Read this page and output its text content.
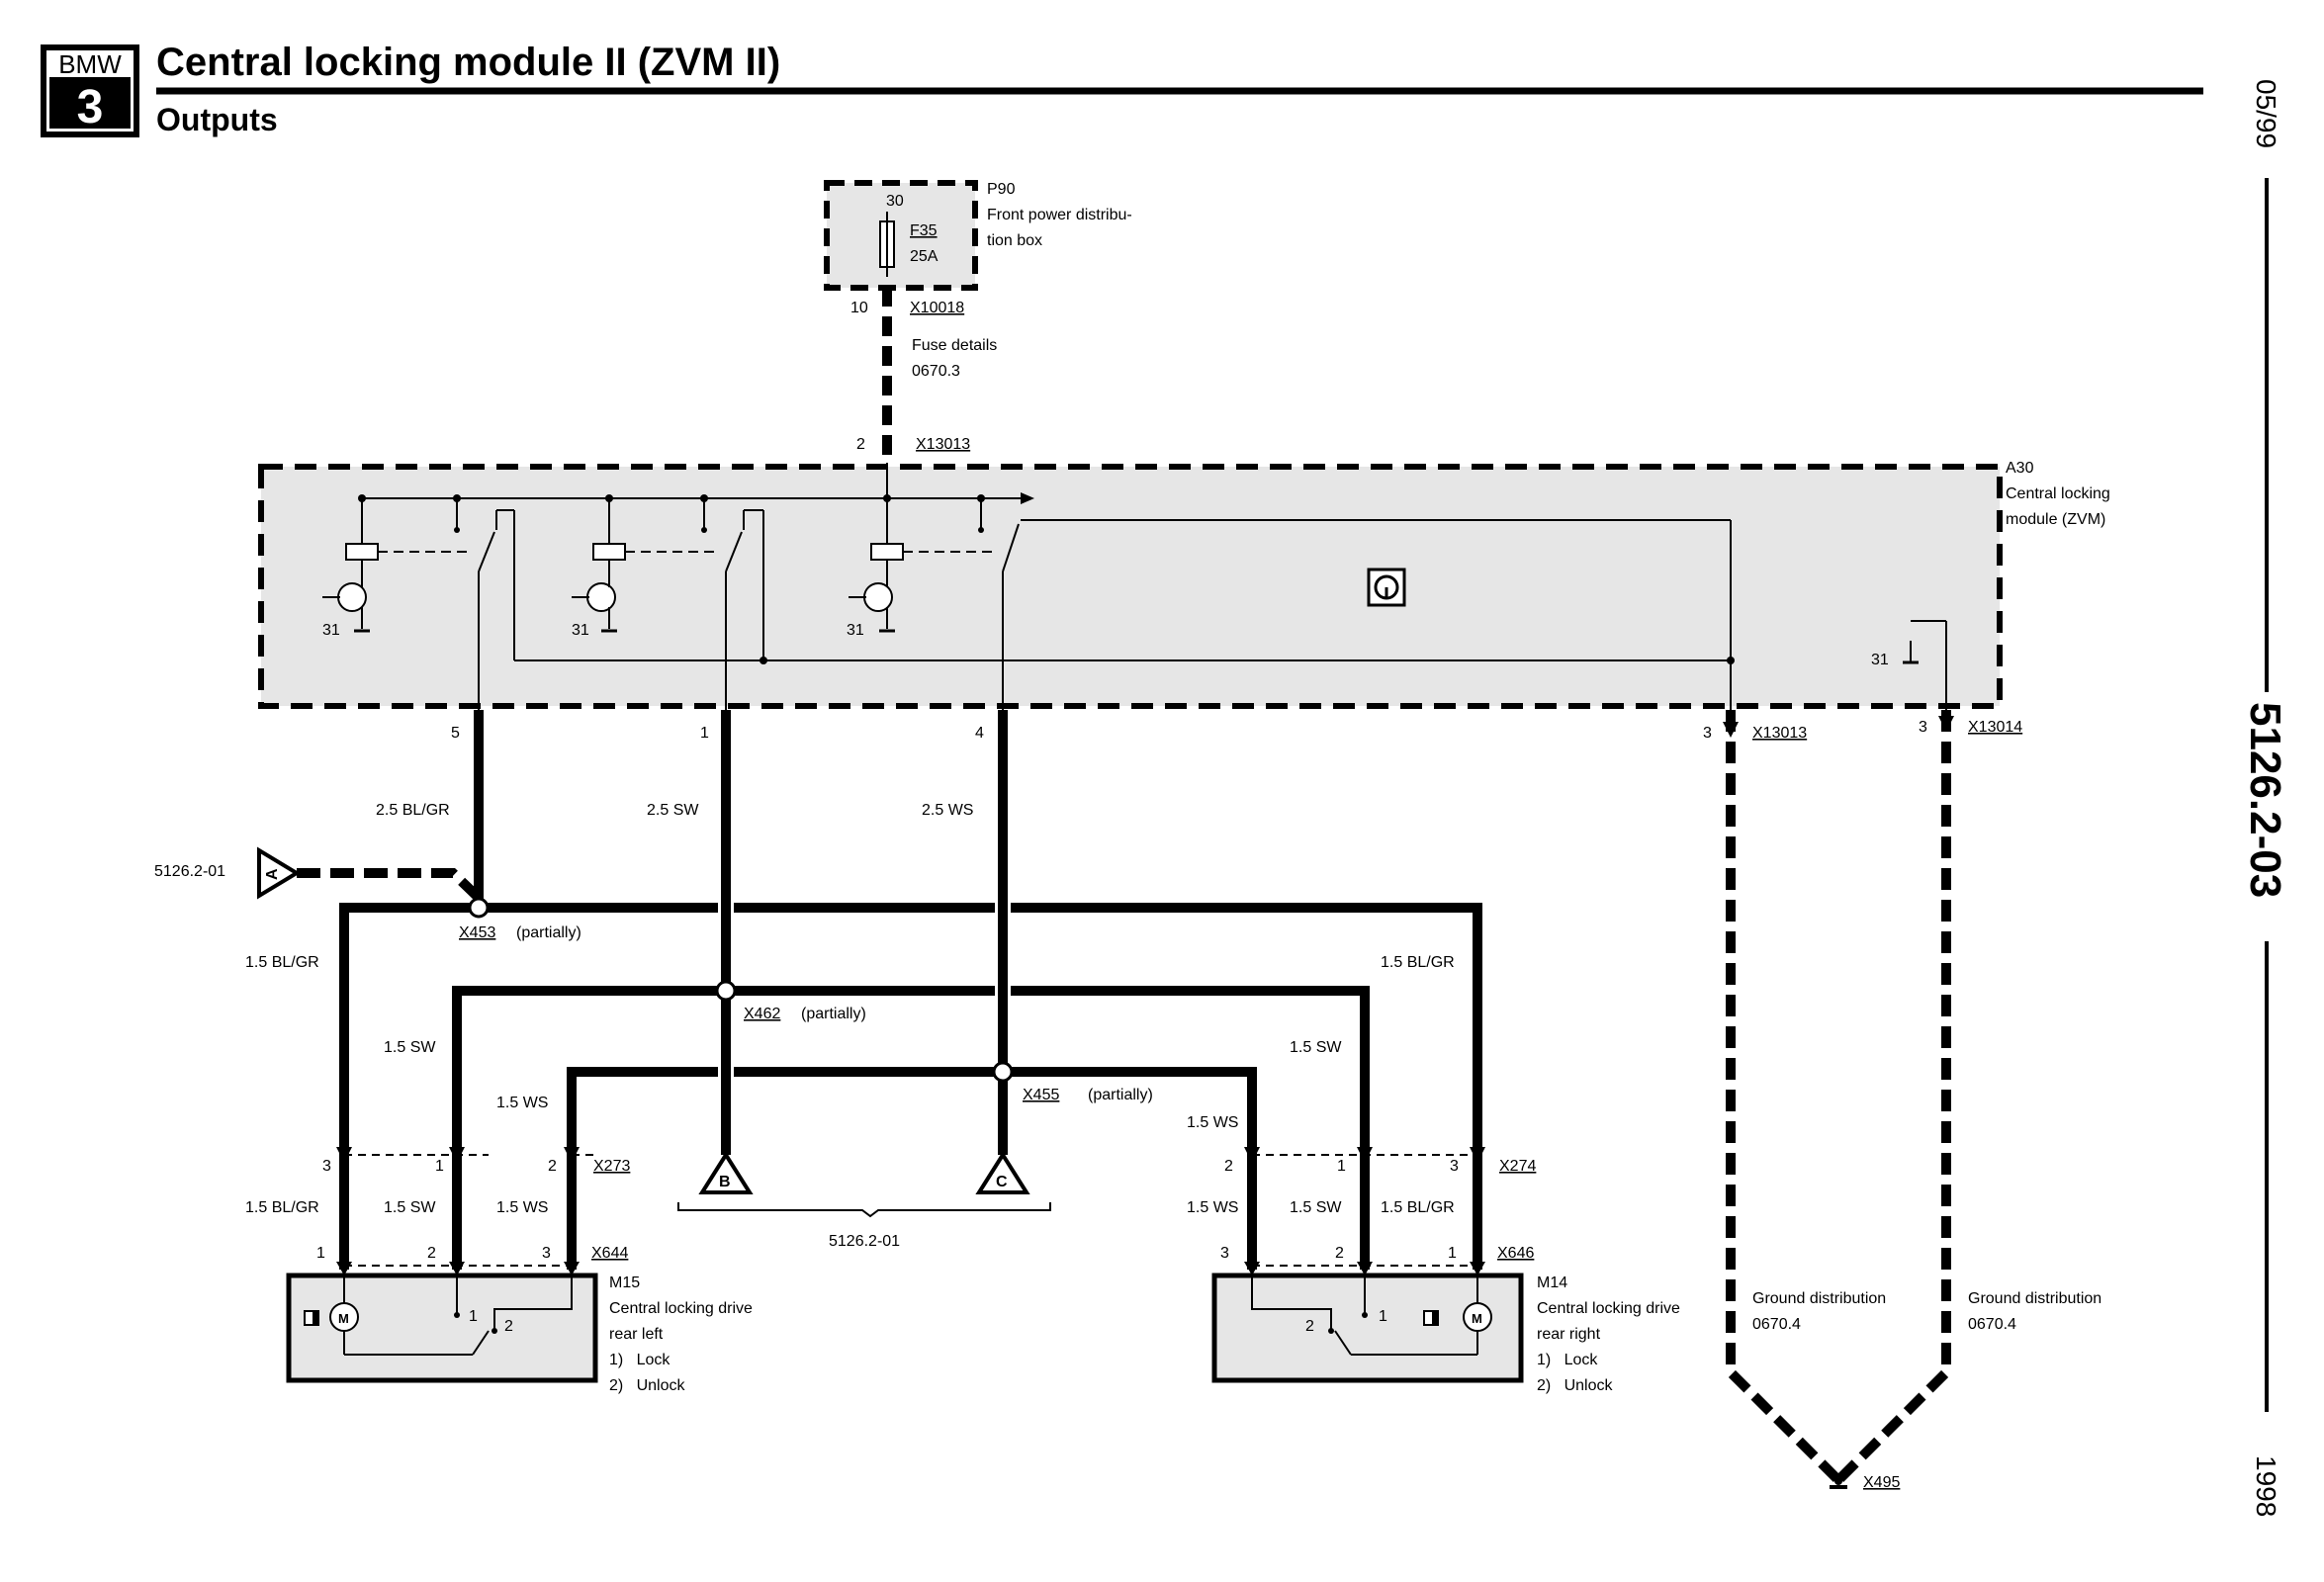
BMW
3
Central locking module II (ZVM II)
Outputs	05/99
5126.2-03
1998
30
F35
25A
P90
Front power distribu-
tion box
10	X10018
Fuse details
0670.3
2	X13013
31	31	31
31
A30
Central locking
module (ZVM)
5	1	4	3	X13013	3	X13014
X453 (partially)
X462 (partially)
X455 (partially)
5126.2-01 A
B	C
5126.2-01
2.5 BL/GR	2.5 SW	2.5 WS
1.5 BL/GR
1.5 SW
1.5 WS
1.5 BL/GR
1.5 SW
1.5 WS
3	1	2 X273
1.5 BL/GR	1.5 SW	1.5 WS
1	2	3	X644
M	1
2
M15
Central locking drive
rear left
1)   Lock
2)   Unlock
2	1	3	X274
1.5 WS	1.5 SW 1.5 BL/GR
3	2	1	X646
M
2
1
M14
Central locking drive
rear right
1)   Lock
2)   Unlock
X495
Ground distribution
0670.4
Ground distribution
0670.4
